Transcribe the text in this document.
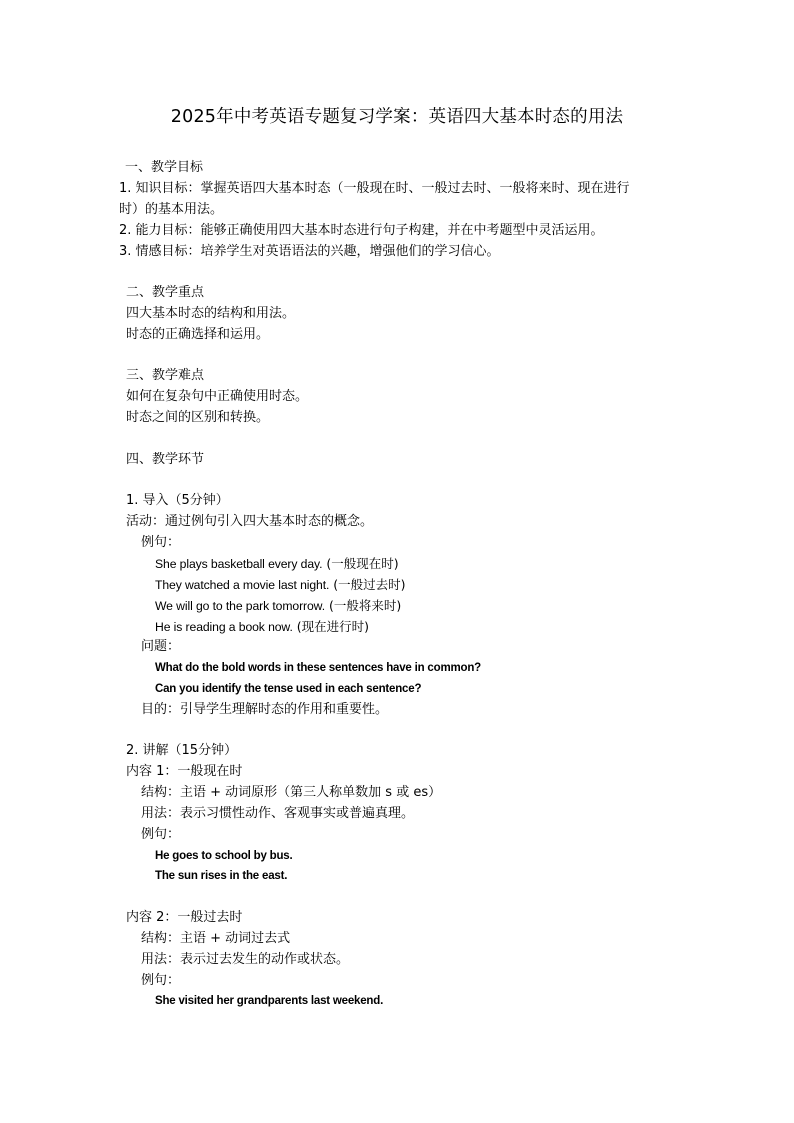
2025年中考英语专题复习学案：英语四大基本时态的用法
一、教学目标
1. 知识目标：掌握英语四大基本时态（一般现在时、一般过去时、一般将来时、现在进行
时）的基本用法。
2. 能力目标：能够正确使用四大基本时态进行句子构建，并在中考题型中灵活运用。
3. 情感目标：培养学生对英语语法的兴趣，增强他们的学习信心。
二、教学重点
四大基本时态的结构和用法。
时态的正确选择和运用。
三、教学难点
如何在复杂句中正确使用时态。
时态之间的区别和转换。
四、教学环节
1. 导入（5分钟）
活动：通过例句引入四大基本时态的概念。
例句：
She plays basketball every day. (一般现在时)
They watched a movie last night. (一般过去时)
We will go to the park tomorrow. (一般将来时)
He is reading a book now. (现在进行时)
问题：
What do the bold words in these sentences have in common?
Can you identify the tense used in each sentence?
目的：引导学生理解时态的作用和重要性。
2. 讲解（15分钟）
内容 1：一般现在时
结构：主语 + 动词原形（第三人称单数加 s 或 es）
用法：表示习惯性动作、客观事实或普遍真理。
例句：
He goes to school by bus.
The sun rises in the east.
内容 2：一般过去时
结构：主语 + 动词过去式
用法：表示过去发生的动作或状态。
例句：
She visited her grandparents last weekend.
